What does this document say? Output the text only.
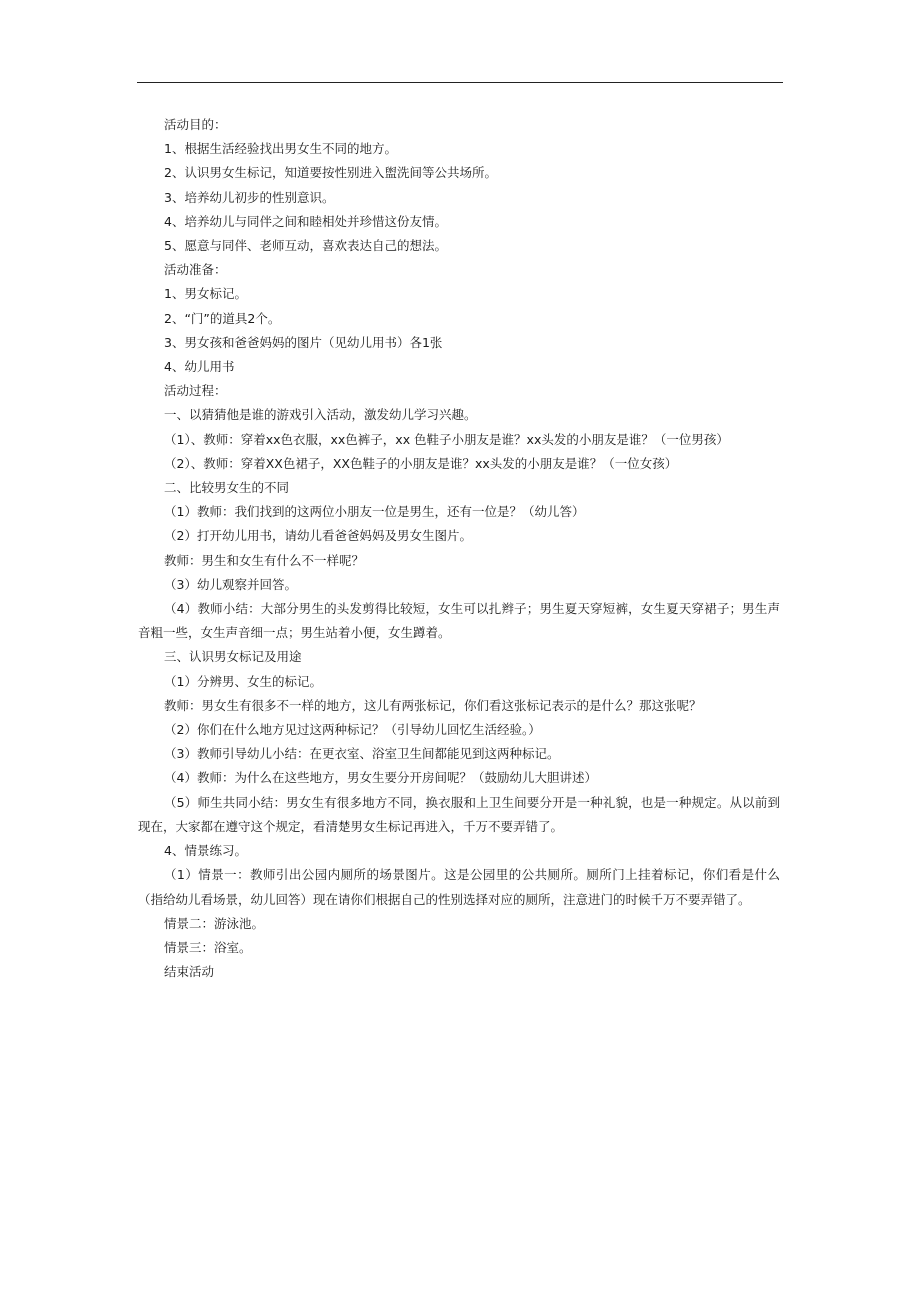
活动目的：
1、根据生活经验找出男女生不同的地方。
2、认识男女生标记，知道要按性别进入盥洗间等公共场所。
3、培养幼儿初步的性别意识。
4、培养幼儿与同伴之间和睦相处并珍惜这份友情。
5、愿意与同伴、老师互动，喜欢表达自己的想法。
活动准备：
1、男女标记。
2、“门”的道具2个。
3、男女孩和爸爸妈妈的图片（见幼儿用书）各1张
4、幼儿用书
活动过程：
一、以猜猜他是谁的游戏引入活动，激发幼儿学习兴趣。
（1）、教师：穿着xx色衣服，xx色裤子，xx 色鞋子小朋友是谁？xx头发的小朋友是谁？（一位男孩）
（2）、教师：穿着XX色裙子，XX色鞋子的小朋友是谁？xx头发的小朋友是谁？（一位女孩）
二、比较男女生的不同
（1）教师：我们找到的这两位小朋友一位是男生，还有一位是？（幼儿答）
（2）打开幼儿用书，请幼儿看爸爸妈妈及男女生图片。
教师：男生和女生有什么不一样呢？
（3）幼儿观察并回答。
（4）教师小结：大部分男生的头发剪得比较短，女生可以扎辫子；男生夏天穿短裤，女生夏天穿裙子；男生声音粗一些，女生声音细一点；男生站着小便，女生蹲着。
三、认识男女标记及用途
（1）分辨男、女生的标记。
教师：男女生有很多不一样的地方，这儿有两张标记，你们看这张标记表示的是什么？那这张呢？
（2）你们在什么地方见过这两种标记？（引导幼儿回忆生活经验。）
（3）教师引导幼儿小结：在更衣室、浴室卫生间都能见到这两种标记。
（4）教师：为什么在这些地方，男女生要分开房间呢？（鼓励幼儿大胆讲述）
（5）师生共同小结：男女生有很多地方不同，换衣服和上卫生间要分开是一种礼貌，也是一种规定。从以前到现在，大家都在遵守这个规定，看清楚男女生标记再进入，千万不要弄错了。
4、情景练习。
（1）情景一：教师引出公园内厕所的场景图片。这是公园里的公共厕所。厕所门上挂着标记，你们看是什么（指给幼儿看场景，幼儿回答）现在请你们根据自己的性别选择对应的厕所，注意进门的时候千万不要弄错了。
情景二：游泳池。
情景三：浴室。
结束活动
